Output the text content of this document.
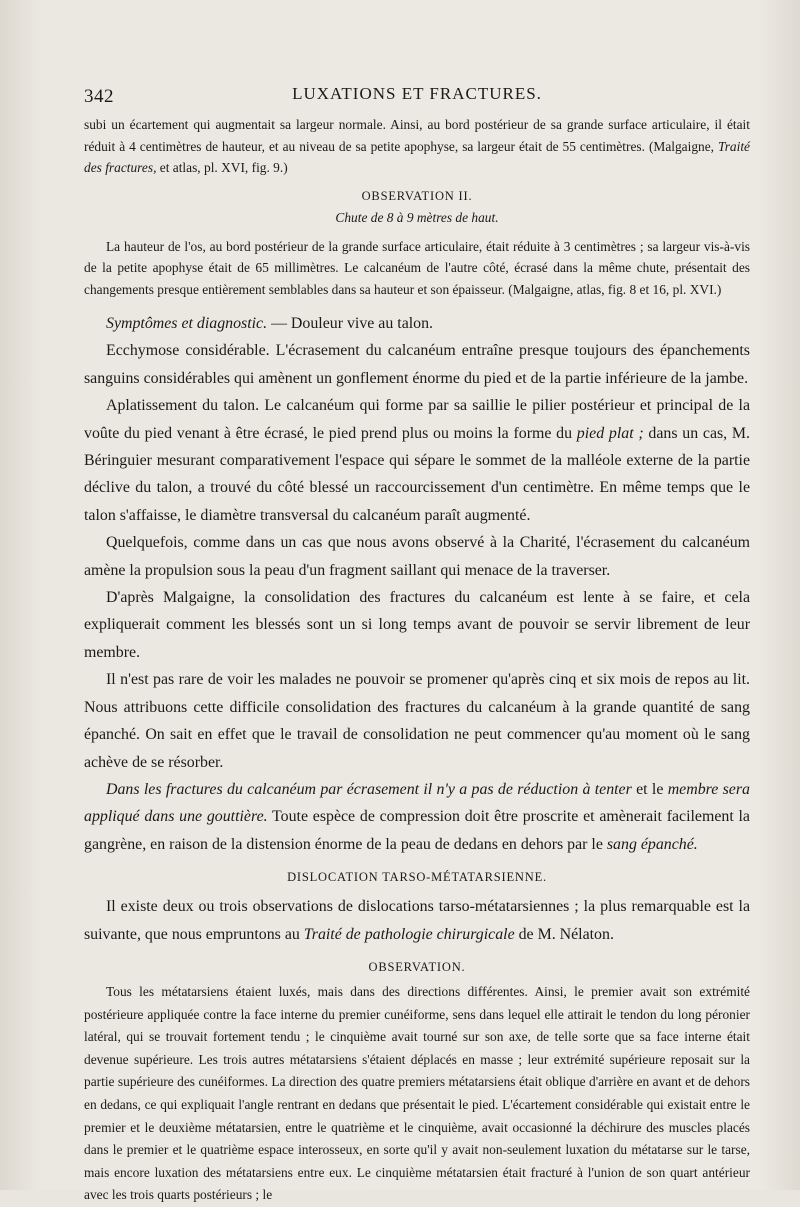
342	LUXATIONS ET FRACTURES.

subi un écartement qui augmentait sa largeur normale. Ainsi, au bord postérieur de sa grande surface articulaire, il était réduit à 4 centimètres de hauteur, et au niveau de sa petite apophyse, sa largeur était de 55 centimètres. (Malgaigne, Traité des fractures, et atlas, pl. XVI, fig. 9.)

OBSERVATION II.
Chute de 8 à 9 mètres de haut.

La hauteur de l'os, au bord postérieur de la grande surface articulaire, était réduite à 3 centimètres ; sa largeur vis-à-vis de la petite apophyse était de 65 millimètres. Le calcanéum de l'autre côté, écrasé dans la même chute, présentait des changements presque entièrement semblables dans sa hauteur et son épaisseur. (Malgaigne, atlas, fig. 8 et 16, pl. XVI.)

Symptômes et diagnostic. — Douleur vive au talon.

Ecchymose considérable. L'écrasement du calcanéum entraîne presque toujours des épanchements sanguins considérables qui amènent un gonflement énorme du pied et de la partie inférieure de la jambe.

Aplatissement du talon. Le calcanéum qui forme par sa saillie le pilier postérieur et principal de la voûte du pied venant à être écrasé, le pied prend plus ou moins la forme du pied plat ; dans un cas, M. Béringuier mesurant comparativement l'espace qui sépare le sommet de la malléole externe de la partie déclive du talon, a trouvé du côté blessé un raccourcissement d'un centimètre. En même temps que le talon s'affaisse, le diamètre transversal du calcanéum paraît augmenté.

Quelquefois, comme dans un cas que nous avons observé à la Charité, l'écrasement du calcanéum amène la propulsion sous la peau d'un fragment saillant qui menace de la traverser.

D'après Malgaigne, la consolidation des fractures du calcanéum est lente à se faire, et cela expliquerait comment les blessés sont un si long temps avant de pouvoir se servir librement de leur membre.

Il n'est pas rare de voir les malades ne pouvoir se promener qu'après cinq et six mois de repos au lit. Nous attribuons cette difficile consolidation des fractures du calcanéum à la grande quantité de sang épanché. On sait en effet que le travail de consolidation ne peut commencer qu'au moment où le sang achève de se résorber.

Dans les fractures du calcanéum par écrasement il n'y a pas de réduction à tenter et le membre sera appliqué dans une gouttière. Toute espèce de compression doit être proscrite et amènerait facilement la gangrène, en raison de la distension énorme de la peau de dedans en dehors par le sang épanché.

DISLOCATION TARSO-MÉTATARSIENNE.

Il existe deux ou trois observations de dislocations tarso-métatarsiennes ; la plus remarquable est la suivante, que nous empruntons au Traité de pathologie chirurgicale de M. Nélaton.

OBSERVATION.

Tous les métatarsiens étaient luxés, mais dans des directions différentes. Ainsi, le premier avait son extrémité postérieure appliquée contre la face interne du premier cunéiforme, sens dans lequel elle attirait le tendon du long péronier latéral, qui se trouvait fortement tendu ; le cinquième avait tourné sur son axe, de telle sorte que sa face interne était devenue supérieure. Les trois autres métatarsiens s'étaient déplacés en masse ; leur extrémité supérieure reposait sur la partie supérieure des cunéiformes. La direction des quatre premiers métatarsiens était oblique d'arrière en avant et de dehors en dedans, ce qui expliquait l'angle rentrant en dedans que présentait le pied. L'écartement considérable qui existait entre le premier et le deuxième métatarsien, entre le quatrième et le cinquième, avait occasionné la déchirure des muscles placés dans le premier et le quatrième espace interosseux, en sorte qu'il y avait non-seulement luxation du métatarse sur le tarse, mais encore luxation des métatarsiens entre eux. Le cinquième métatarsien était fracturé à l'union de son quart antérieur avec les trois quarts postérieurs ; le
